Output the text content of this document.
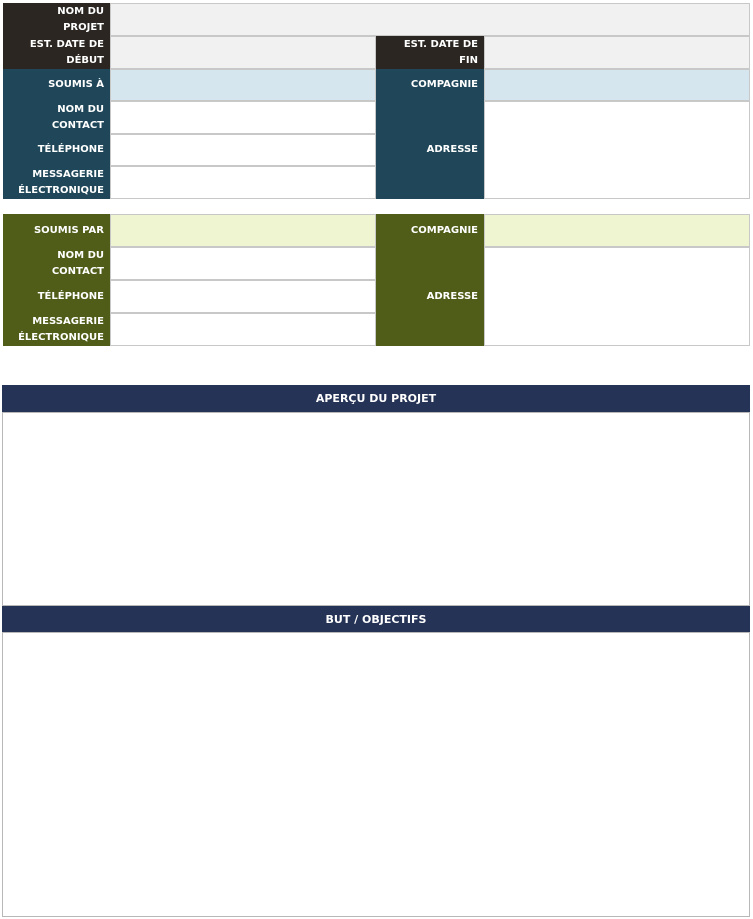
NOM DU
PROJET
EST. DATE DE
DÉBUT
EST. DATE DE
FIN
SOUMIS À	COMPAGNIE
NOM DU
CONTACT
TÉLÉPHONE
MESSAGERIE
ÉLECTRONIQUE
ADRESSE
SOUMIS PAR	COMPAGNIE
NOM DU
CONTACT
TÉLÉPHONE
MESSAGERIE
ÉLECTRONIQUE
ADRESSE
APERÇU DU PROJET
BUT / OBJECTIFS
